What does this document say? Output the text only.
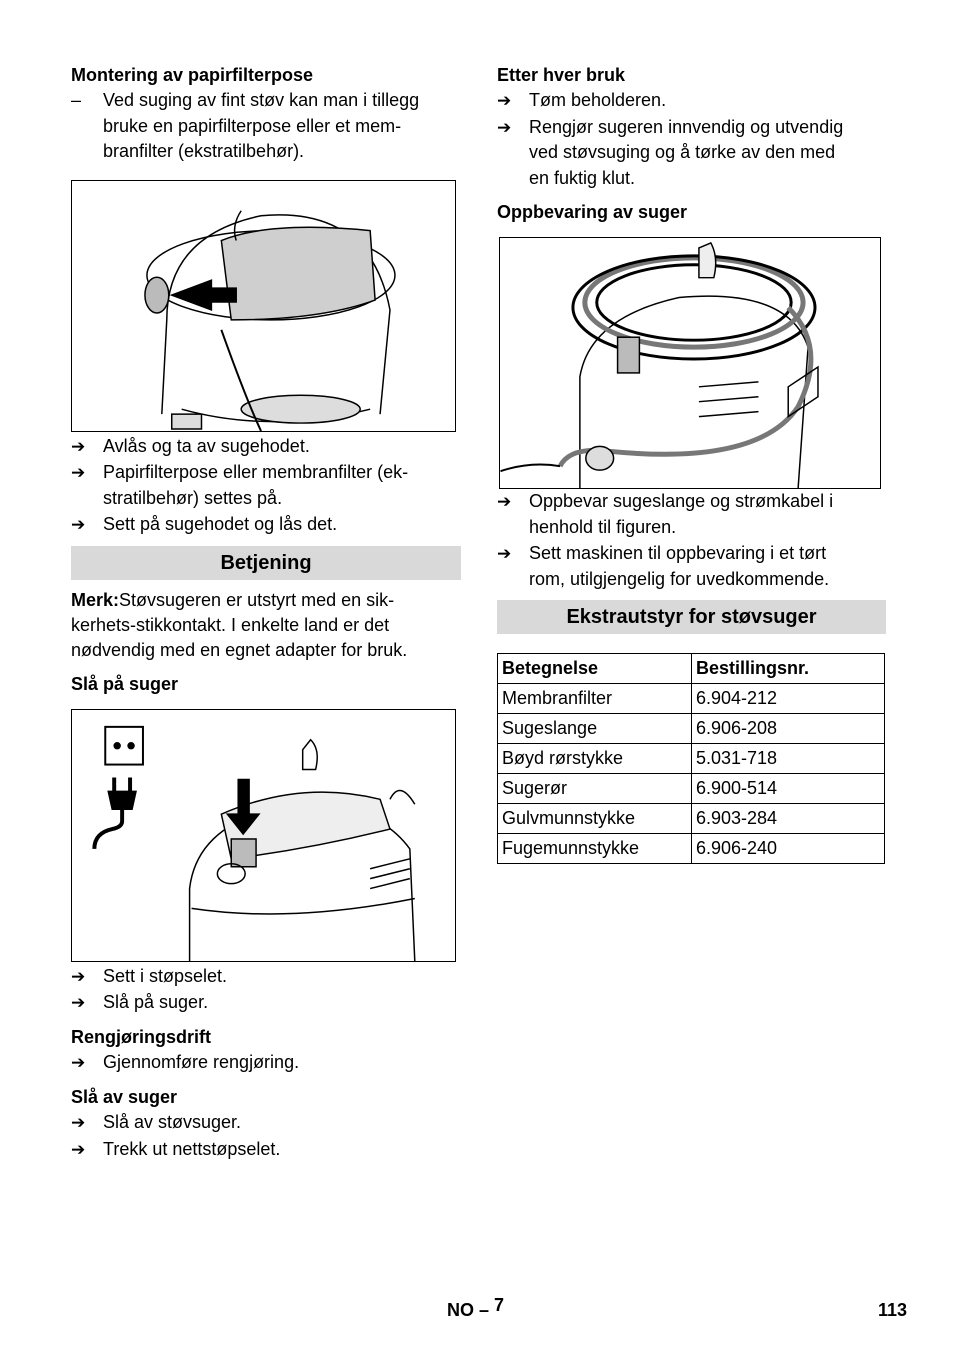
Montering av papirfilterpose
– Ved suging av fint støv kan man i tillegg
bruke en papirfilterpose eller et mem-
branfilter (ekstratilbehør).
➔ Avlås og ta av sugehodet.
➔ Papirfilterpose eller membranfilter (ek-
stratilbehør) settes på.
➔ Sett på sugehodet og lås det.
Betjening
Merk:Støvsugeren er utstyrt med en sik-
kerhets-stikkontakt. I enkelte land er det
nødvendig med en egnet adapter for bruk.
Slå på suger
➔ Sett i støpselet.
➔ Slå på suger.
Rengjøringsdrift
➔ Gjennomføre rengjøring.
Slå av suger
➔ Slå av støvsuger.
➔ Trekk ut nettstøpselet.
Etter hver bruk
➔ Tøm beholderen.
➔ Rengjør sugeren innvendig og utvendig
ved støvsuging og å tørke av den med
en fuktig klut.
Oppbevaring av suger
➔ Oppbevar sugeslange og strømkabel i
henhold til figuren.
➔ Sett maskinen til oppbevaring i et tørt
rom, utilgjengelig for uvedkommende.
Ekstrautstyr for støvsuger
Betegnelse	Bestillingsnr.
Membranfilter	6.904-212
Sugeslange	6.906-208
Bøyd rørstykke	5.031-718
Sugerør	6.900-514
Gulvmunnstykke	6.903-284
Fugemunnstykke	6.906-240
NO – 7	113
